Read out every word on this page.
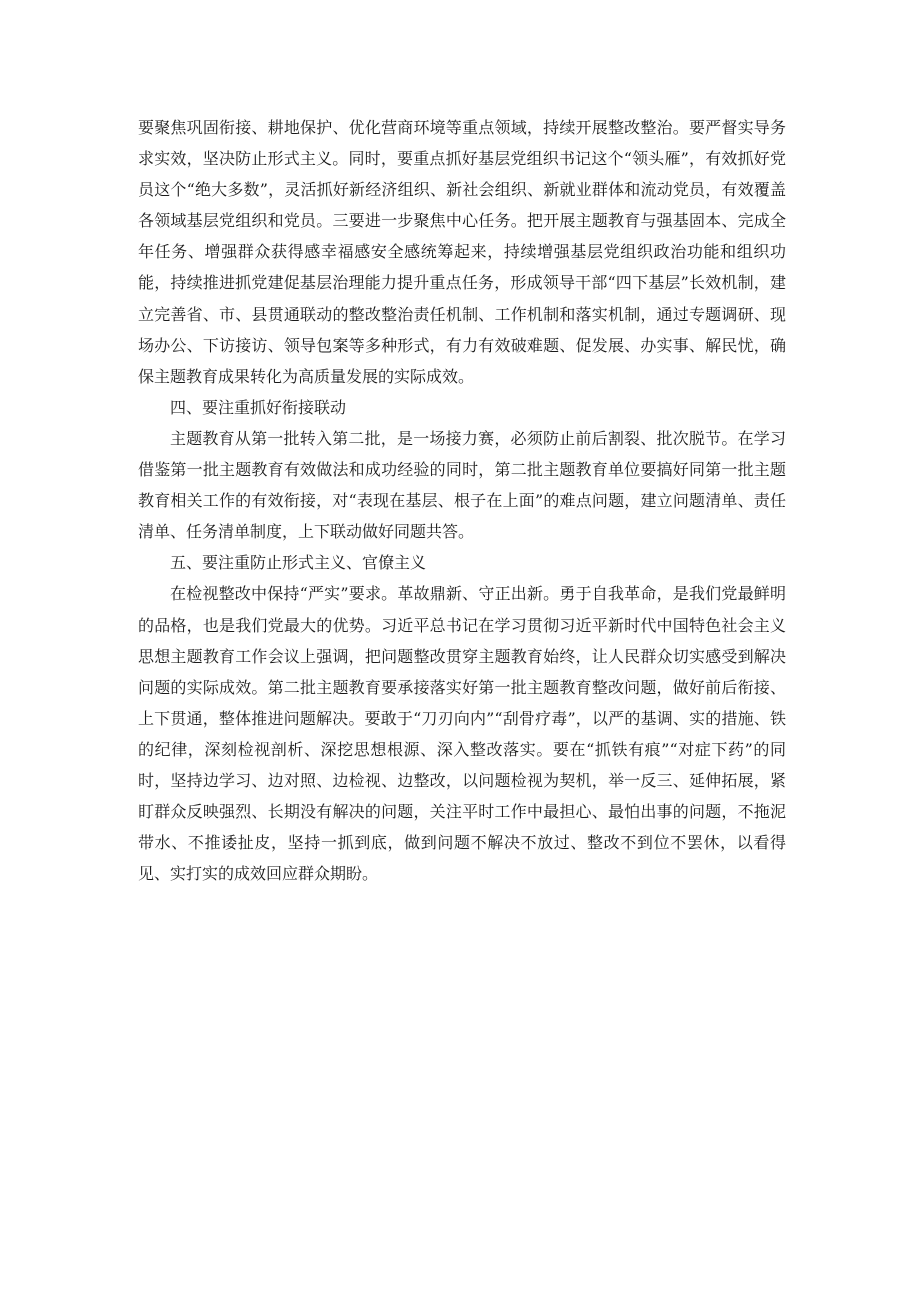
要聚焦巩固衔接、耕地保护、优化营商环境等重点领域，持续开展整改整治。要严督实导务求实效，坚决防止形式主义。同时，要重点抓好基层党组织书记这个“领头雁”，有效抓好党员这个“绝大多数”，灵活抓好新经济组织、新社会组织、新就业群体和流动党员，有效覆盖各领域基层党组织和党员。三要进一步聚焦中心任务。把开展主题教育与强基固本、完成全年任务、增强群众获得感幸福感安全感统筹起来，持续增强基层党组织政治功能和组织功能，持续推进抓党建促基层治理能力提升重点任务，形成领导干部“四下基层”长效机制，建立完善省、市、县贯通联动的整改整治责任机制、工作机制和落实机制，通过专题调研、现场办公、下访接访、领导包案等多种形式，有力有效破难题、促发展、办实事、解民忧，确保主题教育成果转化为高质量发展的实际成效。

四、要注重抓好衔接联动

主题教育从第一批转入第二批，是一场接力赛，必须防止前后割裂、批次脱节。在学习借鉴第一批主题教育有效做法和成功经验的同时，第二批主题教育单位要搞好同第一批主题教育相关工作的有效衔接，对“表现在基层、根子在上面”的难点问题，建立问题清单、责任清单、任务清单制度，上下联动做好同题共答。

五、要注重防止形式主义、官僚主义

在检视整改中保持“严实”要求。革故鼎新、守正出新。勇于自我革命，是我们党最鲜明的品格，也是我们党最大的优势。习近平总书记在学习贯彻习近平新时代中国特色社会主义思想主题教育工作会议上强调，把问题整改贯穿主题教育始终，让人民群众切实感受到解决问题的实际成效。第二批主题教育要承接落实好第一批主题教育整改问题，做好前后衔接、上下贯通，整体推进问题解决。要敢于“刀刃向内”“刮骨疗毒”，以严的基调、实的措施、铁的纪律，深刻检视剖析、深挖思想根源、深入整改落实。要在“抓铁有痕”“对症下药”的同时，坚持边学习、边对照、边检视、边整改，以问题检视为契机，举一反三、延伸拓展，紧盯群众反映强烈、长期没有解决的问题，关注平时工作中最担心、最怕出事的问题，不拖泥带水、不推诿扯皮，坚持一抓到底，做到问题不解决不放过、整改不到位不罢休，以看得见、实打实的成效回应群众期盼。
